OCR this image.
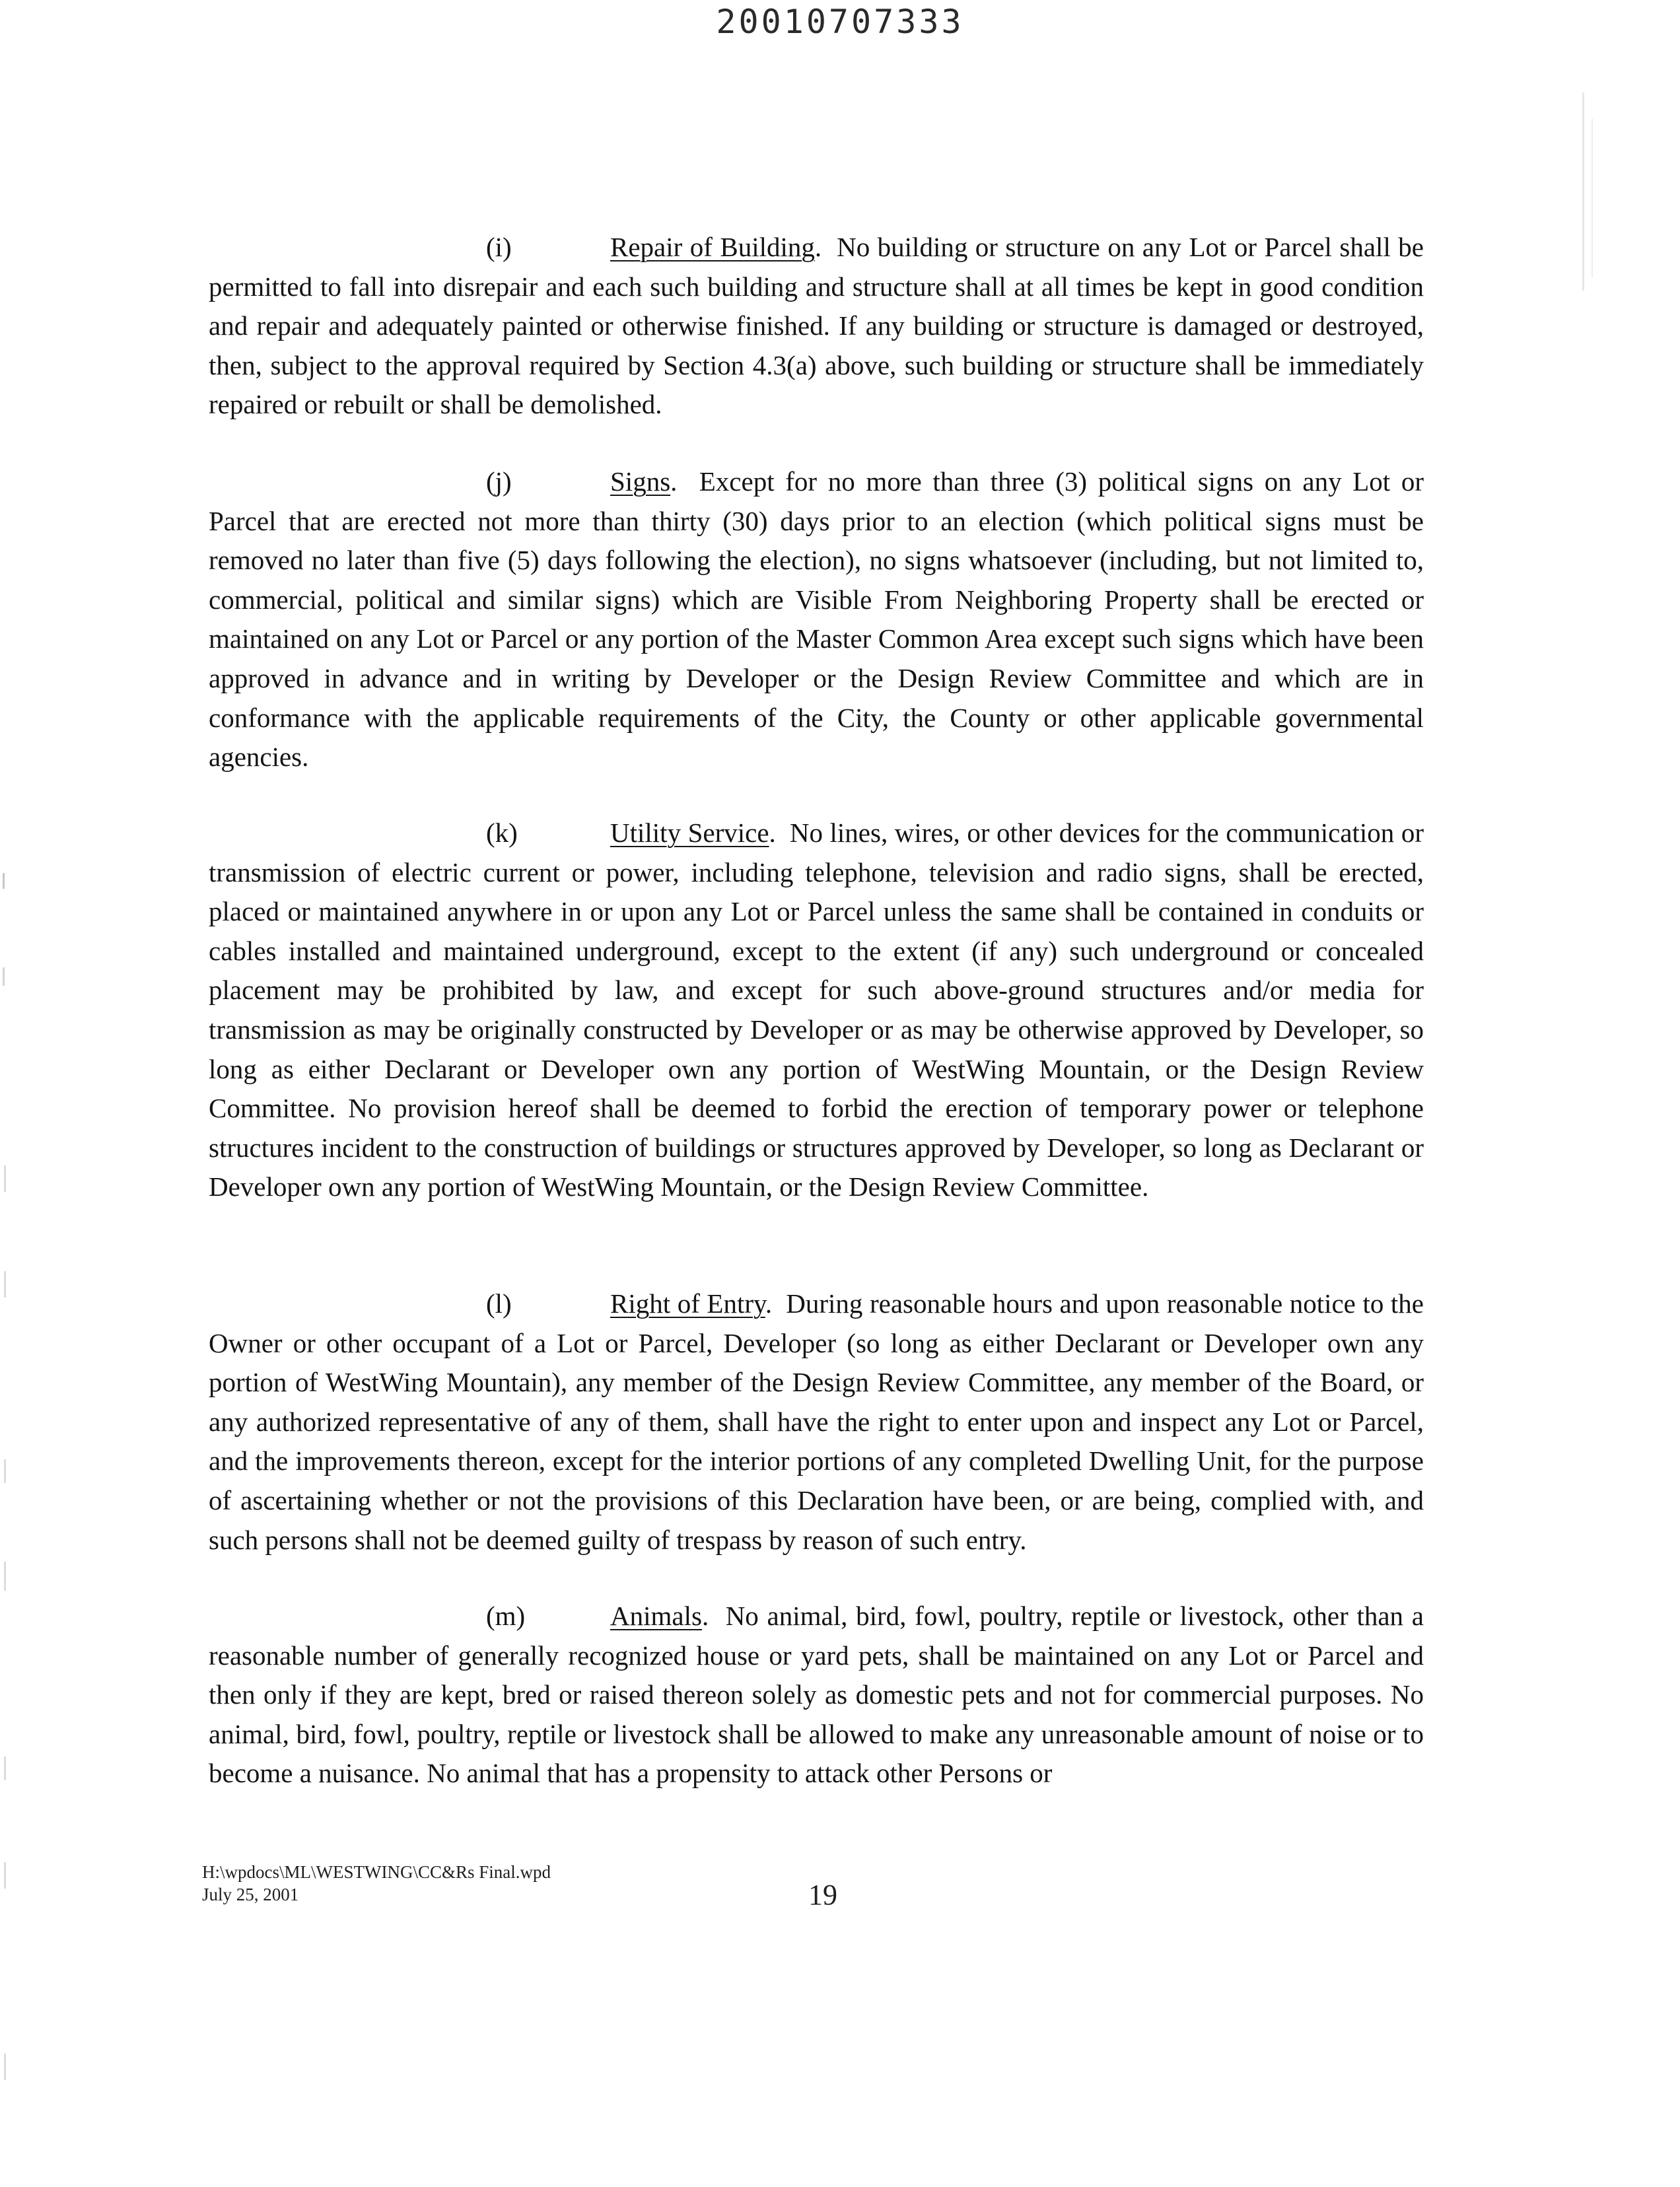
20010707333

(i)	Repair of Building.  No building or structure on any Lot or Parcel shall be permitted to fall into disrepair and each such building and structure shall at all times be kept in good condition and repair and adequately painted or otherwise finished. If any building or structure is damaged or destroyed, then, subject to the approval required by Section 4.3(a) above, such building or structure shall be immediately repaired or rebuilt or shall be demolished.

(j)	Signs.  Except for no more than three (3) political signs on any Lot or Parcel that are erected not more than thirty (30) days prior to an election (which political signs must be removed no later than five (5) days following the election), no signs whatsoever (including, but not limited to, commercial, political and similar signs) which are Visible From Neighboring Property shall be erected or maintained on any Lot or Parcel or any portion of the Master Common Area except such signs which have been approved in advance and in writing by Developer or the Design Review Committee and which are in conformance with the applicable requirements of the City, the County or other applicable governmental agencies.

(k)	Utility Service.  No lines, wires, or other devices for the communication or transmission of electric current or power, including telephone, television and radio signs, shall be erected, placed or maintained anywhere in or upon any Lot or Parcel unless the same shall be contained in conduits or cables installed and maintained underground, except to the extent (if any) such underground or concealed placement may be prohibited by law, and except for such above-ground structures and/or media for transmission as may be originally constructed by Developer or as may be otherwise approved by Developer, so long as either Declarant or Developer own any portion of WestWing Mountain, or the Design Review Committee. No provision hereof shall be deemed to forbid the erection of temporary power or telephone structures incident to the construction of buildings or structures approved by Developer, so long as Declarant or Developer own any portion of WestWing Mountain, or the Design Review Committee.

(l)	Right of Entry.  During reasonable hours and upon reasonable notice to the Owner or other occupant of a Lot or Parcel, Developer (so long as either Declarant or Developer own any portion of WestWing Mountain), any member of the Design Review Committee, any member of the Board, or any authorized representative of any of them, shall have the right to enter upon and inspect any Lot or Parcel, and the improvements thereon, except for the interior portions of any completed Dwelling Unit, for the purpose of ascertaining whether or not the provisions of this Declaration have been, or are being, complied with, and such persons shall not be deemed guilty of trespass by reason of such entry.

(m)	Animals.  No animal, bird, fowl, poultry, reptile or livestock, other than a reasonable number of generally recognized house or yard pets, shall be maintained on any Lot or Parcel and then only if they are kept, bred or raised thereon solely as domestic pets and not for commercial purposes. No animal, bird, fowl, poultry, reptile or livestock shall be allowed to make any unreasonable amount of noise or to become a nuisance. No animal that has a propensity to attack other Persons or

H:\wpdocs\ML\WESTWING\CC&Rs Final.wpd
July 25, 2001	19
